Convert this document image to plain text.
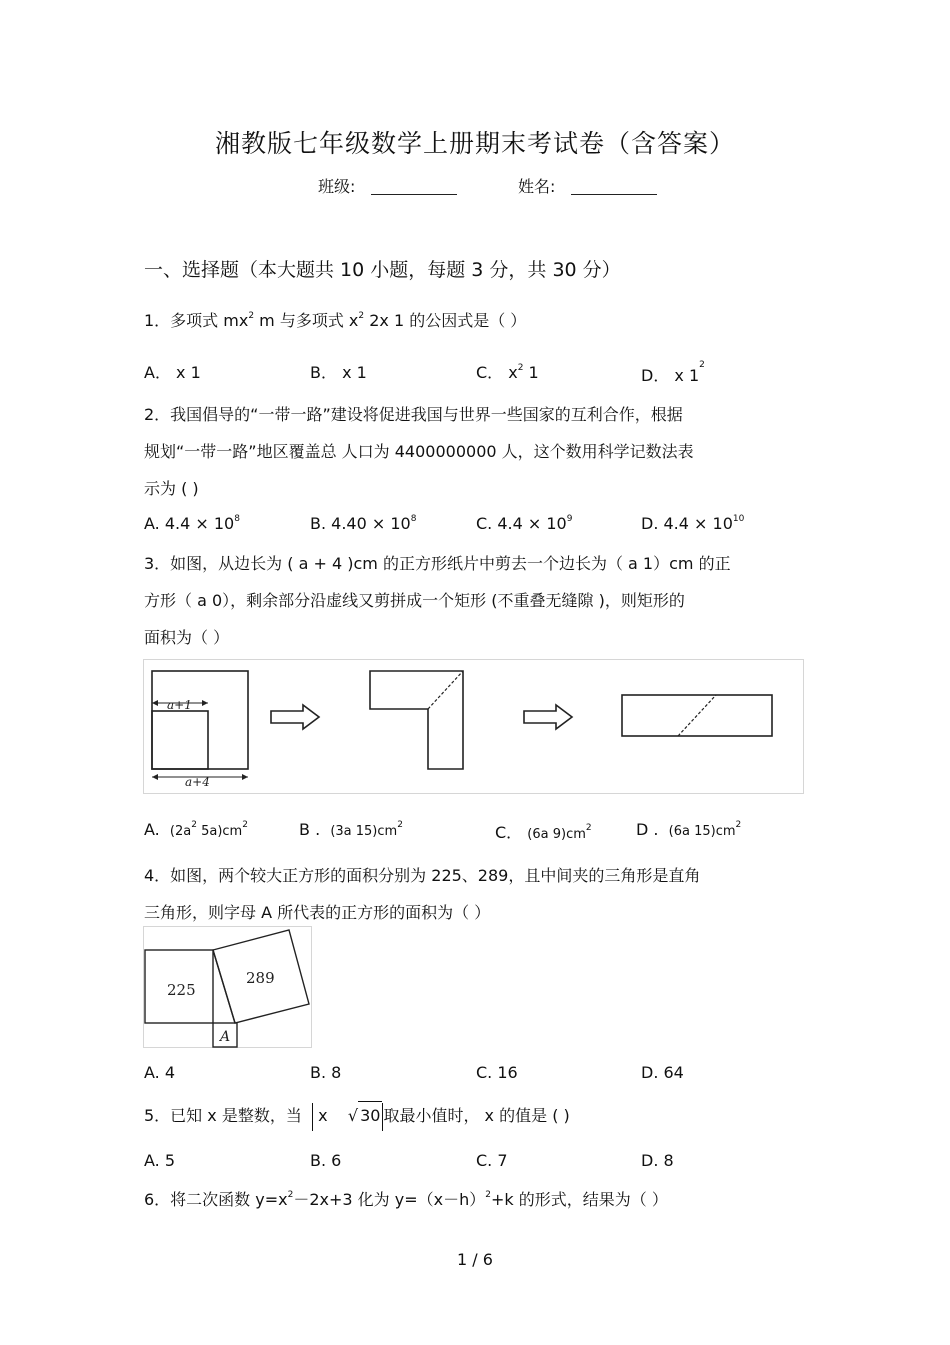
湘教版七年级数学上册期末考试卷（含答案）
班级:	姓名:
一、选择题（本大题共 10 小题，每题 3 分，共 30 分）
1．多项式 $mx^2$ m 与多项式 $x^2$ 2x 1 的公因式是（ ）
A． x 1	B． x 1	C． $x^2$ 1	D． x $1^2$
2．我国倡导的“一带一路”建设将促进我国与世界一些国家的互利合作，根据
规划“一带一路”地区覆盖总 人口为 4400000000 人，这个数用科学记数法表
示为 ( )
A. $4.4 \times 10^8$	B. $4.40 \times 10^8$	C. $4.4 \times 10^9$	D. $4.4 \times 10^{10}$
3．如图，从边长为 ( a + 4 )cm 的正方形纸片中剪去一个边长为（ a 1）cm 的正
方形（ a 0），剩余部分沿虚线又剪拼成一个矩形 (不重叠无缝隙 )，则矩形的
面积为（ ）
a+1
a+4
A. ($2a^2$ $5a)cm^2$	B . (3a $15)cm^2$	C． (6a $9)cm^2$	D . (6a $15)cm^2$
4．如图，两个较大正方形的面积分别为 225、289，且中间夹的三角形是直角
三角形，则字母 A 所代表的正方形的面积为（ ）
225
289
A
A. 4	B. 8	C. 16	D. 64
5．已知 x 是整数，当 x    √ 30 取最小值时， x 的值是 ( )
A. 5	B. 6	C. 7	D. 8
6．将二次函数 $y=x^2-2x+3$ 化为 $y=(x-h)^2+k$ 的形式，结果为（ ）
1 / 6
